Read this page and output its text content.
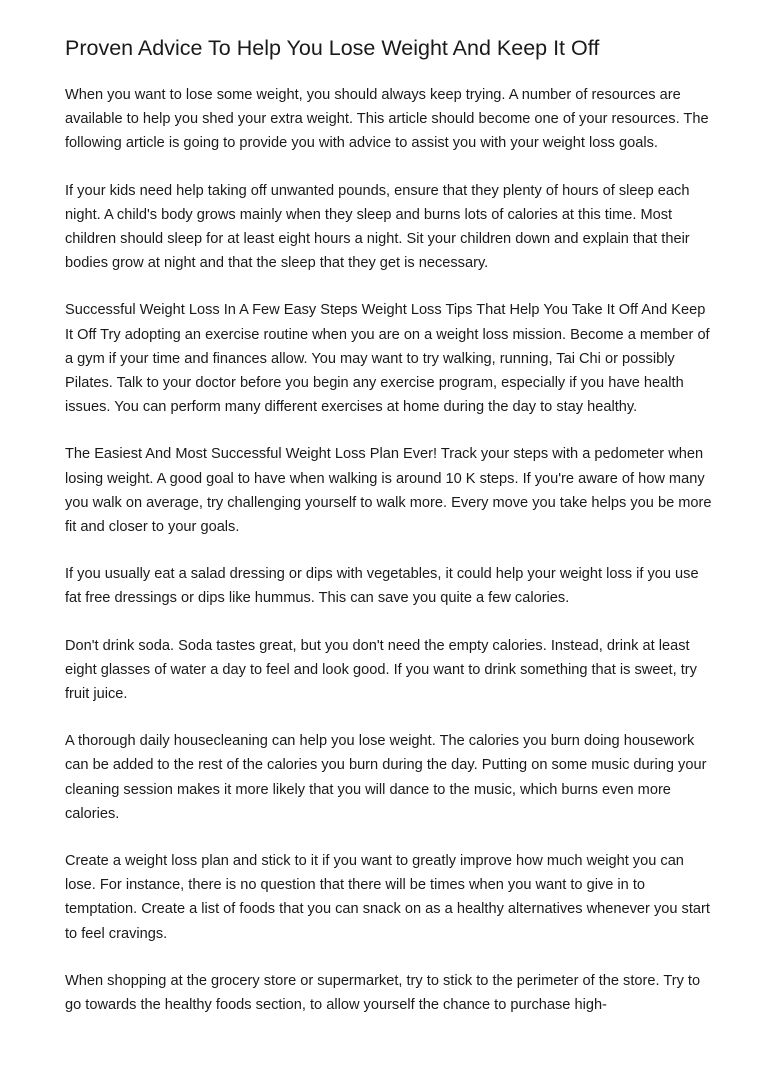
Proven Advice To Help You Lose Weight And Keep It Off

When you want to lose some weight, you should always keep trying. A number of resources are available to help you shed your extra weight. This article should become one of your resources. The following article is going to provide you with advice to assist you with your weight loss goals.

If your kids need help taking off unwanted pounds, ensure that they plenty of hours of sleep each night. A child's body grows mainly when they sleep and burns lots of calories at this time. Most children should sleep for at least eight hours a night. Sit your children down and explain that their bodies grow at night and that the sleep that they get is necessary.

Successful Weight Loss In A Few Easy Steps Weight Loss Tips That Help You Take It Off And Keep It Off Try adopting an exercise routine when you are on a weight loss mission. Become a member of a gym if your time and finances allow. You may want to try walking, running, Tai Chi or possibly Pilates. Talk to your doctor before you begin any exercise program, especially if you have health issues. You can perform many different exercises at home during the day to stay healthy.

The Easiest And Most Successful Weight Loss Plan Ever! Track your steps with a pedometer when losing weight. A good goal to have when walking is around 10 K steps. If you're aware of how many you walk on average, try challenging yourself to walk more. Every move you take helps you be more fit and closer to your goals.

If you usually eat a salad dressing or dips with vegetables, it could help your weight loss if you use fat free dressings or dips like hummus. This can save you quite a few calories.

Don't drink soda. Soda tastes great, but you don't need the empty calories. Instead, drink at least eight glasses of water a day to feel and look good. If you want to drink something that is sweet, try fruit juice.

A thorough daily housecleaning can help you lose weight. The calories you burn doing housework can be added to the rest of the calories you burn during the day. Putting on some music during your cleaning session makes it more likely that you will dance to the music, which burns even more calories.

Create a weight loss plan and stick to it if you want to greatly improve how much weight you can lose. For instance, there is no question that there will be times when you want to give in to temptation. Create a list of foods that you can snack on as a healthy alternatives whenever you start to feel cravings.

When shopping at the grocery store or supermarket, try to stick to the perimeter of the store. Try to go towards the healthy foods section, to allow yourself the chance to purchase high-
